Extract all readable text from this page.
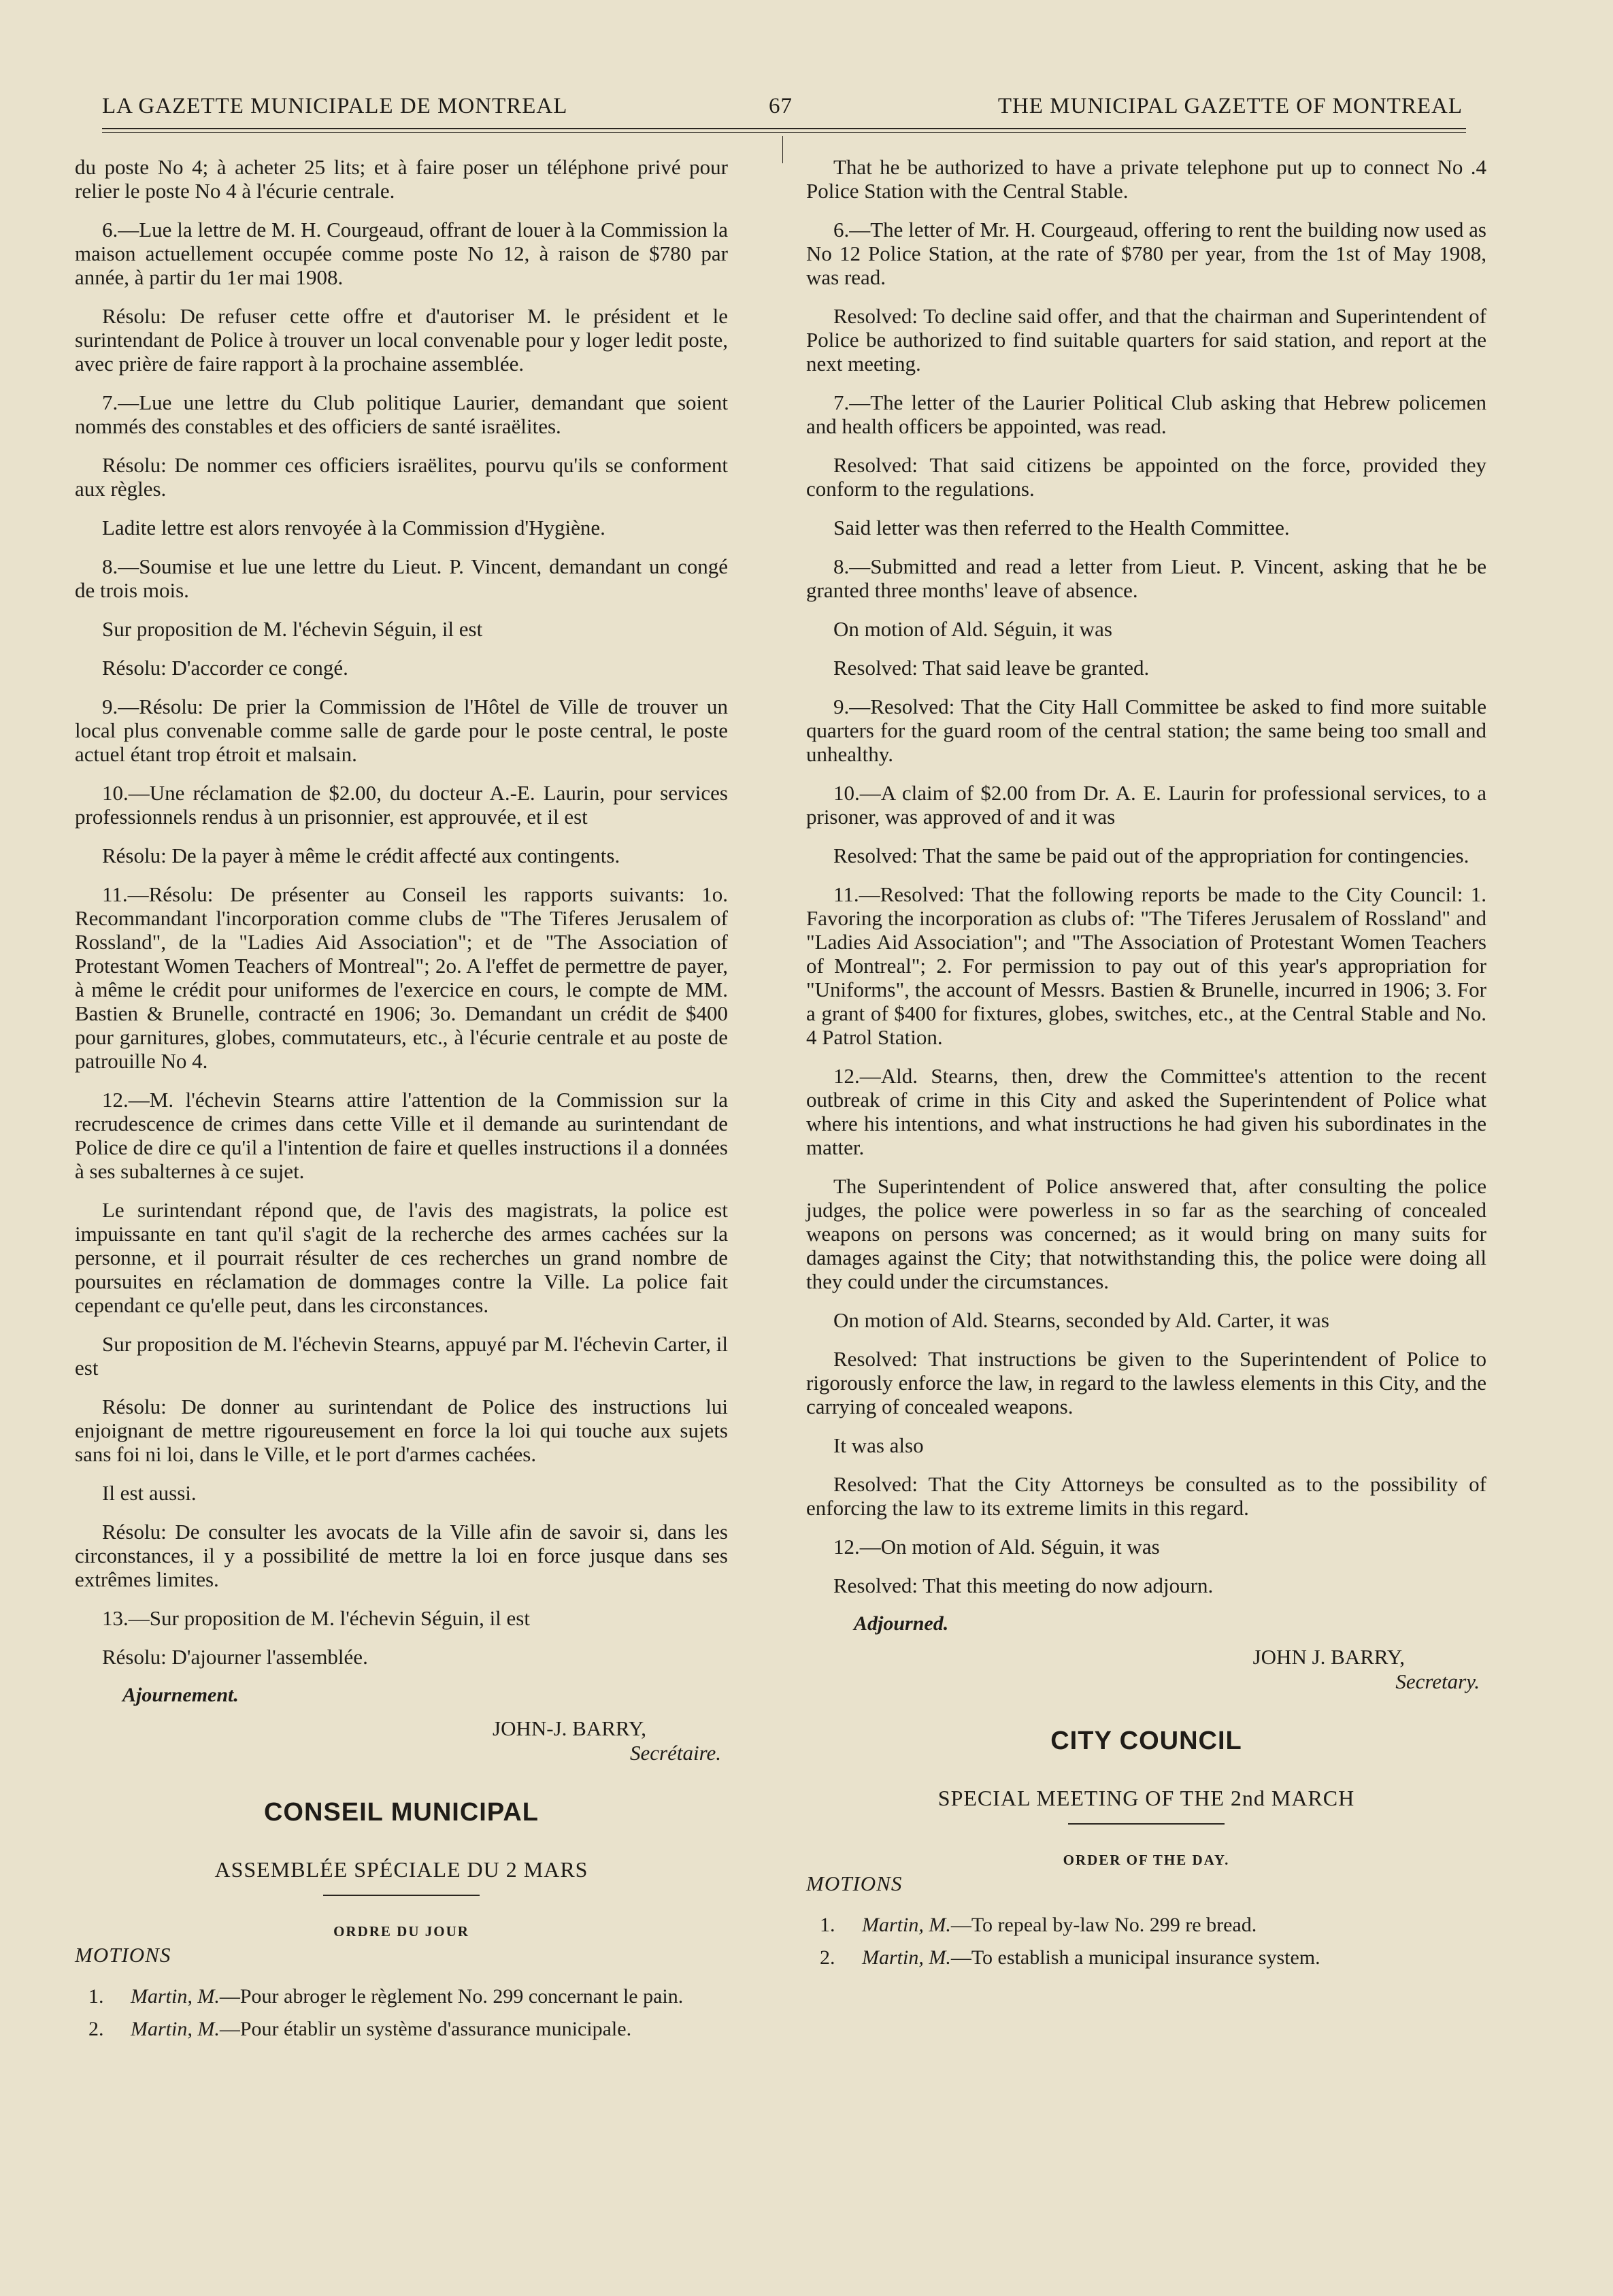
LA GAZETTE MUNICIPALE DE MONTREAL	67	THE MUNICIPAL GAZETTE OF MONTREAL

du poste No 4; à acheter 25 lits; et à faire poser un téléphone privé pour relier le poste No 4 à l'écurie centrale.

6.—Lue la lettre de M. H. Courgeaud, offrant de louer à la Commission la maison actuellement occupée comme poste No 12, à raison de $780 par année, à partir du 1er mai 1908.

Résolu: De refuser cette offre et d'autoriser M. le président et le surintendant de Police à trouver un local convenable pour y loger ledit poste, avec prière de faire rapport à la prochaine assemblée.

7.—Lue une lettre du Club politique Laurier, demandant que soient nommés des constables et des officiers de santé israëlites.

Résolu: De nommer ces officiers israëlites, pourvu qu'ils se conforment aux règles.

Ladite lettre est alors renvoyée à la Commission d'Hygiène.

8.—Soumise et lue une lettre du Lieut. P. Vincent, demandant un congé de trois mois.

Sur proposition de M. l'échevin Séguin, il est

Résolu: D'accorder ce congé.

9.—Résolu: De prier la Commission de l'Hôtel de Ville de trouver un local plus convenable comme salle de garde pour le poste central, le poste actuel étant trop étroit et malsain.

10.—Une réclamation de $2.00, du docteur A.-E. Laurin, pour services professionnels rendus à un prisonnier, est approuvée, et il est

Résolu: De la payer à même le crédit affecté aux contingents.

11.—Résolu: De présenter au Conseil les rapports suivants: 1o. Recommandant l'incorporation comme clubs de "The Tiferes Jerusalem of Rossland", de la "Ladies Aid Association"; et de "The Association of Protestant Women Teachers of Montreal"; 2o. A l'effet de permettre de payer, à même le crédit pour uniformes de l'exercice en cours, le compte de MM. Bastien & Brunelle, contracté en 1906; 3o. Demandant un crédit de $400 pour garnitures, globes, commutateurs, etc., à l'écurie centrale et au poste de patrouille No 4.

12.—M. l'échevin Stearns attire l'attention de la Commission sur la recrudescence de crimes dans cette Ville et il demande au surintendant de Police de dire ce qu'il a l'intention de faire et quelles instructions il a données à ses subalternes à ce sujet.

Le surintendant répond que, de l'avis des magistrats, la police est impuissante en tant qu'il s'agit de la recherche des armes cachées sur la personne, et il pourrait résulter de ces recherches un grand nombre de poursuites en réclamation de dommages contre la Ville. La police fait cependant ce qu'elle peut, dans les circonstances.

Sur proposition de M. l'échevin Stearns, appuyé par M. l'échevin Carter, il est

Résolu: De donner au surintendant de Police des instructions lui enjoignant de mettre rigoureusement en force la loi qui touche aux sujets sans foi ni loi, dans le Ville, et le port d'armes cachées.

Il est aussi.

Résolu: De consulter les avocats de la Ville afin de savoir si, dans les circonstances, il y a possibilité de mettre la loi en force jusque dans ses extrêmes limites.

13.—Sur proposition de M. l'échevin Séguin, il est

Résolu: D'ajourner l'assemblée.

Ajournement.
JOHN-J. BARRY,
Secrétaire.
CONSEIL MUNICIPAL
ASSEMBLÉE SPÉCIALE DU 2 MARS
ORDRE DU JOUR
MOTIONS
1. Martin, M.—Pour abroger le règlement No. 299 concernant le pain.
2. Martin, M.—Pour établir un système d'assurance municipale.

That he be authorized to have a private telephone put up to connect No .4 Police Station with the Central Stable.

6.—The letter of Mr. H. Courgeaud, offering to rent the building now used as No 12 Police Station, at the rate of $780 per year, from the 1st of May 1908, was read.

Resolved: To decline said offer, and that the chairman and Superintendent of Police be authorized to find suitable quarters for said station, and report at the next meeting.

7.—The letter of the Laurier Political Club asking that Hebrew policemen and health officers be appointed, was read.

Resolved: That said citizens be appointed on the force, provided they conform to the regulations.

Said letter was then referred to the Health Committee.

8.—Submitted and read a letter from Lieut. P. Vincent, asking that he be granted three months' leave of absence.

On motion of Ald. Séguin, it was

Resolved: That said leave be granted.

9.—Resolved: That the City Hall Committee be asked to find more suitable quarters for the guard room of the central station; the same being too small and unhealthy.

10.—A claim of $2.00 from Dr. A. E. Laurin for professional services, to a prisoner, was approved of and it was

Resolved: That the same be paid out of the appropriation for contingencies.

11.—Resolved: That the following reports be made to the City Council: 1. Favoring the incorporation as clubs of: "The Tiferes Jerusalem of Rossland" and "Ladies Aid Association"; and "The Association of Protestant Women Teachers of Montreal"; 2. For permission to pay out of this year's appropriation for "Uniforms", the account of Messrs. Bastien & Brunelle, incurred in 1906; 3. For a grant of $400 for fixtures, globes, switches, etc., at the Central Stable and No. 4 Patrol Station.

12.—Ald. Stearns, then, drew the Committee's attention to the recent outbreak of crime in this City and asked the Superintendent of Police what where his intentions, and what instructions he had given his subordinates in the matter.

The Superintendent of Police answered that, after consulting the police judges, the police were powerless in so far as the searching of concealed weapons on persons was concerned; as it would bring on many suits for damages against the City; that notwithstanding this, the police were doing all they could under the circumstances.

On motion of Ald. Stearns, seconded by Ald. Carter, it was

Resolved: That instructions be given to the Superintendent of Police to rigorously enforce the law, in regard to the lawless elements in this City, and the carrying of concealed weapons.

It was also

Resolved: That the City Attorneys be consulted as to the possibility of enforcing the law to its extreme limits in this regard.

12.—On motion of Ald. Séguin, it was

Resolved: That this meeting do now adjourn.

Adjourned.
JOHN J. BARRY,
Secretary.
CITY COUNCIL
SPECIAL MEETING OF THE 2nd MARCH
ORDER OF THE DAY.
MOTIONS
1. Martin, M.—To repeal by-law No. 299 re bread.
2. Martin, M.—To establish a municipal insurance system.
